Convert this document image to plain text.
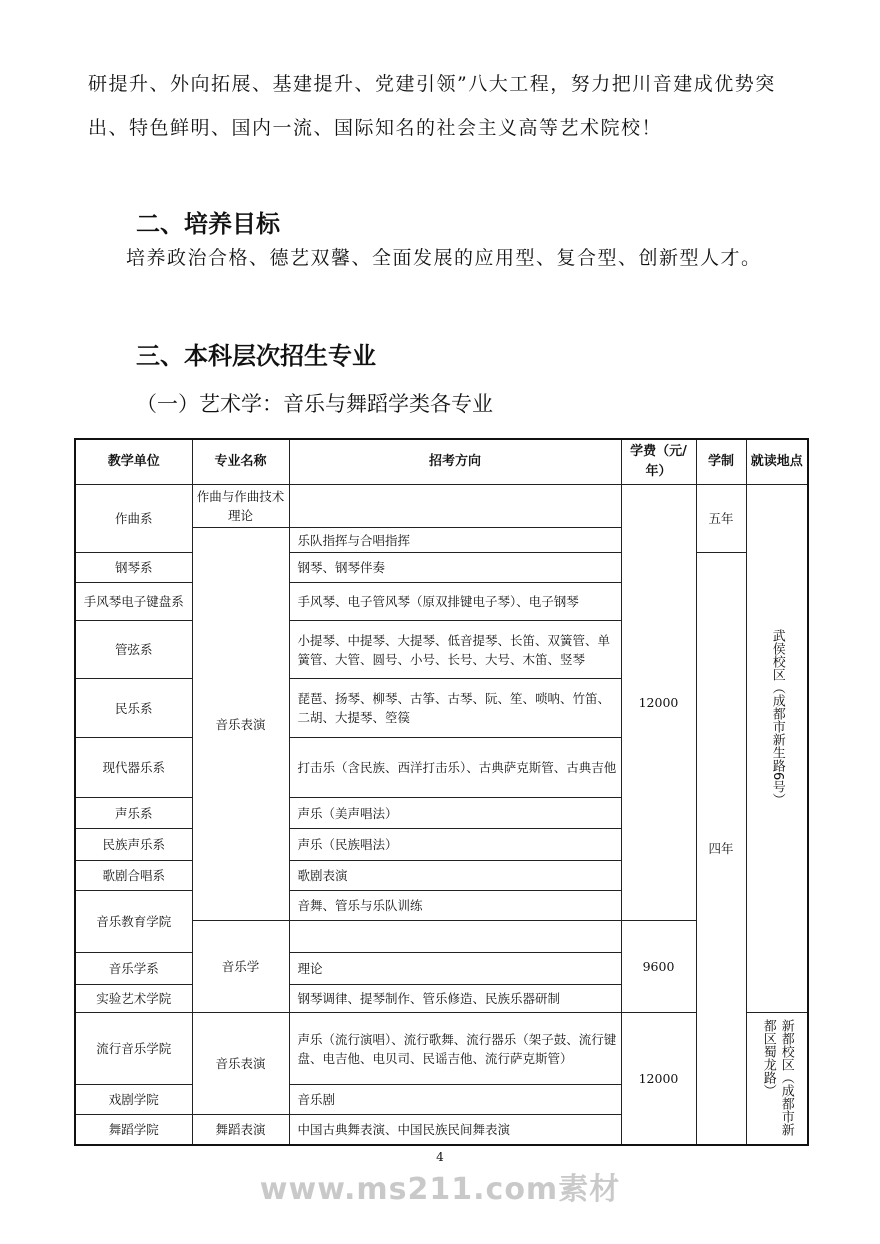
研提升、外向拓展、基建提升、党建引领”八大工程，努力把川音建成优势突
出、特色鲜明、国内一流、国际知名的社会主义高等艺术院校！
二、培养目标
培养政治合格、德艺双馨、全面发展的应用型、复合型、创新型人才。
三、本科层次招生专业
（一）艺术学：音乐与舞蹈学类各专业
教学单位	专业名称	招考方向	学费（元/年）	学制	就读地点
作曲系	作曲与作曲技术理论		12000	五年	武侯校区（成都市新生路6号）

	音乐表演	乐队指挥与合唱指挥			
钢琴系		钢琴、钢琴伴奏		四年	
手风琴电子键盘系		手风琴、电子管风琴（原双排键电子琴）、电子钢琴			
管弦系		小提琴、中提琴、大提琴、低音提琴、长笛、双簧管、单簧管、大管、圆号、小号、长号、大号、木笛、竖琴			
民乐系		琵琶、扬琴、柳琴、古筝、古琴、阮、笙、唢呐、竹笛、二胡、大提琴、箜篌			
现代器乐系		打击乐（含民族、西洋打击乐）、古典萨克斯管、古典吉他			
声乐系		声乐（美声唱法）			
民族声乐系		声乐（民族唱法）			
歌剧合唱系		歌剧表演			
音乐教育学院		音舞、管乐与乐队训练			
	音乐学		9600		
音乐学系		理论			
实验艺术学院		钢琴调律、提琴制作、管乐修造、民族乐器研制			
流行音乐学院	音乐表演	声乐（流行演唱）、流行歌舞、流行器乐（架子鼓、流行键盘、电吉他、电贝司、民谣吉他、流行萨克斯管）	12000		新都校区（成都市新都区蜀龙路）

戏剧学院		音乐剧			
舞蹈学院	舞蹈表演	中国古典舞表演、中国民族民间舞表演			
4
www.ms211.com素材
